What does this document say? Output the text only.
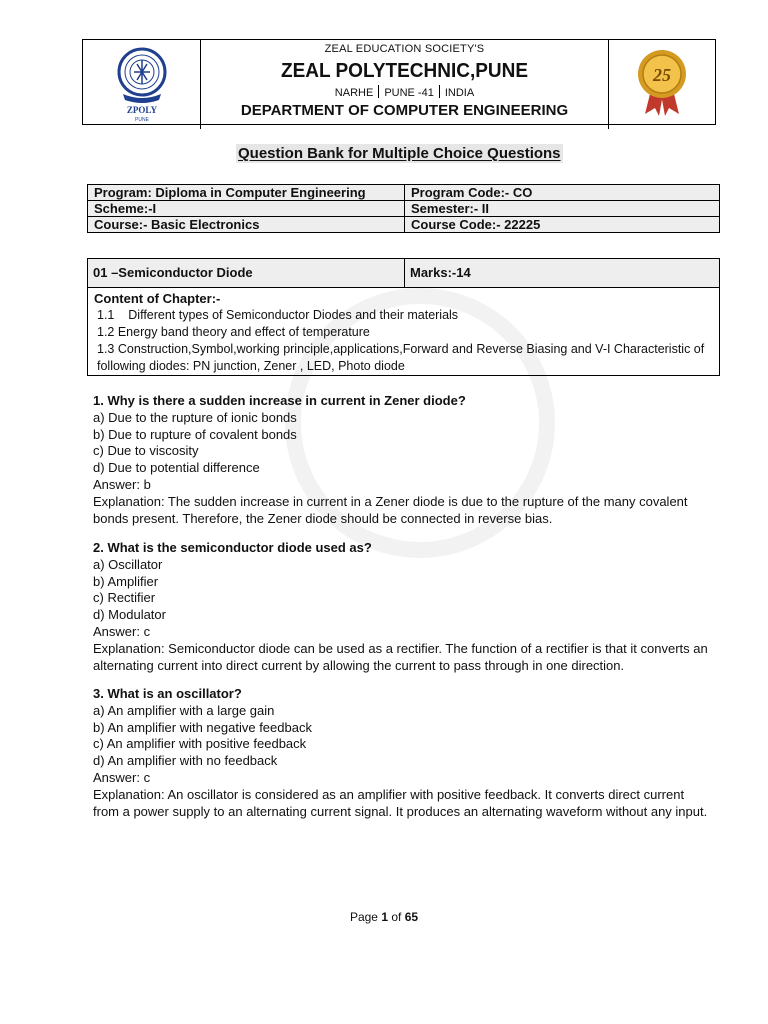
ZPOLY
PUNE
ZEAL EDUCATION SOCIETY'S
ZEAL POLYTECHNIC,PUNE
NARHE PUNE -41 INDIA
DEPARTMENT OF COMPUTER ENGINEERING
25
Question Bank for Multiple Choice Questions
Program: Diploma in Computer Engineering	Program Code:- CO
Scheme:-I	Semester:- II
Course:- Basic Electronics	Course Code:- 22225
01 –Semiconductor Diode	Marks:-14
Content of Chapter:-
1.1    Different types of Semiconductor Diodes and their materials
1.2 Energy band theory and effect of temperature
1.3 Construction,Symbol,working principle,applications,Forward and Reverse Biasing and V-I Characteristic of following diodes: PN junction, Zener , LED, Photo diode

1. Why is there a sudden increase in current in Zener diode?

a) Due to the rupture of ionic bonds

b) Due to rupture of covalent bonds

c) Due to viscosity

d) Due to potential difference

Answer: b

Explanation: The sudden increase in current in a Zener diode is due to the rupture of the many covalent bonds present. Therefore, the Zener diode should be connected in reverse bias.

2. What is the semiconductor diode used as?

a) Oscillator

b) Amplifier

c) Rectifier

d) Modulator

Answer: c

Explanation: Semiconductor diode can be used as a rectifier. The function of a rectifier is that it converts an alternating current into direct current by allowing the current to pass through in one direction.

3. What is an oscillator?

a) An amplifier with a large gain

b) An amplifier with negative feedback

c) An amplifier with positive feedback

d) An amplifier with no feedback

Answer: c

Explanation: An oscillator is considered as an amplifier with positive feedback. It converts direct current from a power supply to an alternating current signal. It produces an alternating waveform without any input.

Page 1 of 65
